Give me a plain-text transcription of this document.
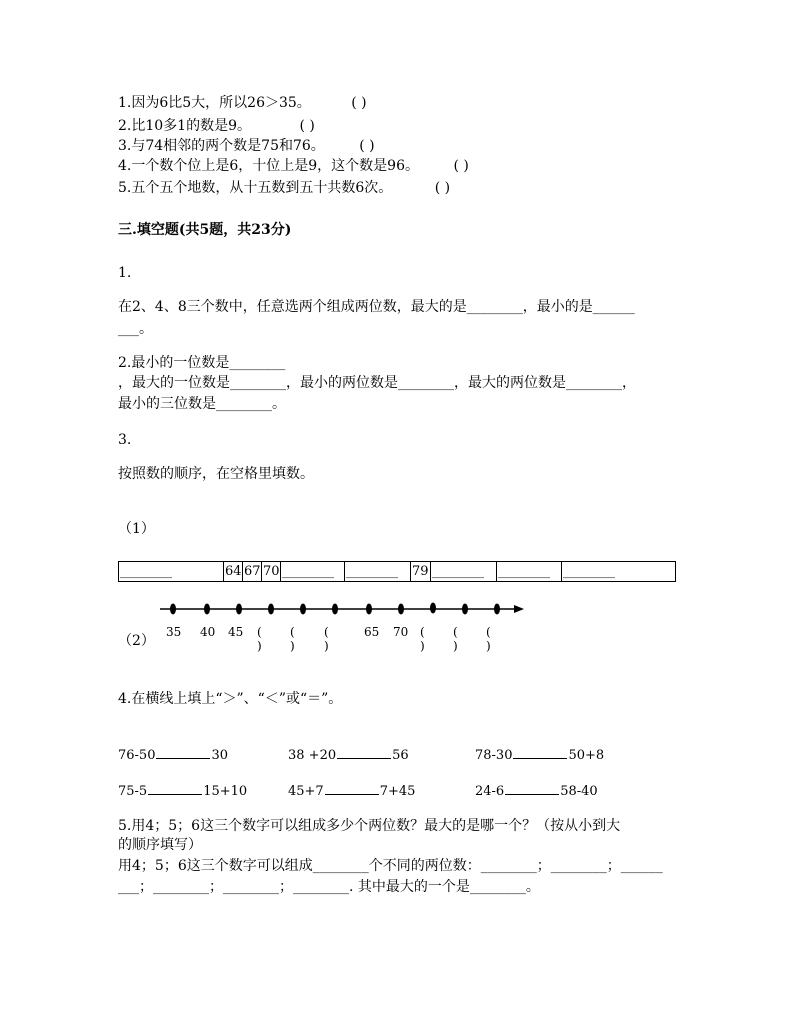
1.因为6比5大，所以26＞35。	( )
2.比10多1的数是9。	( )
3.与74相邻的两个数是75和76。 ( )
4.一个数个位上是6，十位上是9，这个数是96。 ( )
5.五个五个地数，从十五数到五十共数6次。	( )
三.填空题(共5题，共23分)
1.
在2、4、8三个数中，任意选两个组成两位数，最大的是________，最小的是______
___。
2.最小的一位数是________
，最大的一位数是________，最小的两位数是________，最大的两位数是________，
最小的三位数是________。
3.
按照数的顺序，在空格里填数。
（1）
________	64 67 70 ________ ________	79 ________	________	________
35 40 45 ( )
( )
( )
65 70 ( )
( )
( )
（2）
4.在横线上填上“＞”、“＜”或“＝”。
76-50	30	38 +20	56	78-30	50+8
75-5	15+10	45+7	7+45	24-6	58-40
5.用4；5；6这三个数字可以组成多少个两位数？最大的是哪一个？（按从小到大
的顺序填写）
用4；5；6这三个数字可以组成________个不同的两位数：________；________；______
___；________；________；________. 其中最大的一个是________。
